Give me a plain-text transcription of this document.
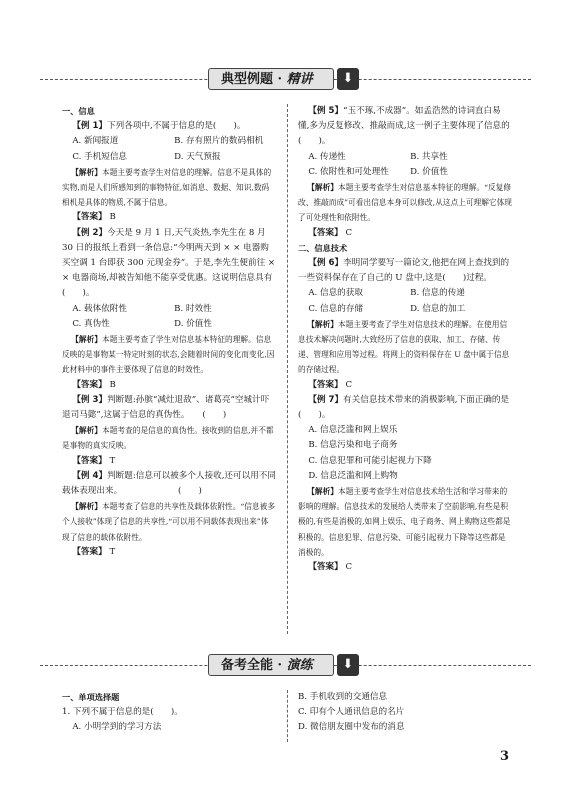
典型例题 · 精讲	⬇

一、信息

【例 1】下列各项中,不属于信息的是(　　)。

A. 新闻报道	B. 存有照片的数码相机
C. 手机短信息	D. 天气预报

【解析】本题主要考查学生对信息的理解。信息不是具体的实物,而是人们所感知到的事物特征,如消息、数据、知识,数码相机是具体的物质,不属于信息。

【答案】 B

【例 2】今天是 9 月 1 日,天气炎热,李先生在 8 月 30 日的报纸上看到一条信息:“今明两天到 × × 电器购买空调 1 台即获 300 元现金券”。于是,李先生便前往 × × 电器商场,却被告知他不能享受优惠。这说明信息具有(　　)。

A. 载体依附性	B. 时效性
C. 真伪性	D. 价值性

【解析】本题主要考查了学生对信息基本特征的理解。信息反映的是事物某一特定时刻的状态,会随着时间的变化而变化,因此材料中的事件主要体现了信息的时效性。

【答案】 B

【例 3】判断题:孙膑“减灶退敌”、诸葛亮“空城计吓退司马懿”,这属于信息的真伪性。　　(　　)

【解析】本题考查的是信息的真伪性。接收到的信息,并不都是事物的真实反映。

【答案】 T

【例 4】判断题:信息可以被多个人接收,还可以用不同载体表现出来。　　　　　　　(　　)

【解析】本题考查了信息的共享性及载体依附性。“信息被多个人接收”体现了信息的共享性,“可以用不同载体表现出来”体现了信息的载体依附性。

【答案】 T

【例 5】“玉不琢,不成器”。如孟浩然的诗词直白易懂,多为反复修改、推敲而成,这一例子主要体现了信息的(　　)。

A. 传递性	B. 共享性
C. 依附性和可处理性	D. 价值性

【解析】本题主要考查学生对信息基本特征的理解。“反复修改、推敲而成”可看出信息本身可以修改,从这点上可理解它体现了可处理性和依附性。

【答案】 C

二、信息技术

【例 6】李明同学要写一篇论文,他把在网上查找到的一些资料保存在了自己的 U 盘中,这是(　　)过程。

A. 信息的获取	B. 信息的传递
C. 信息的存储	D. 信息的加工

【解析】本题主要考查了学生对信息技术的理解。在使用信息技术解决问题时,大致经历了信息的获取、加工、存储、传递、管理和应用等过程。将网上的资料保存在 U 盘中属于信息的存储过程。

【答案】 C

【例 7】有关信息技术带来的消极影响,下面正确的是(　　)。

A. 信息泛滥和网上娱乐

B. 信息污染和电子商务

C. 信息犯罪和可能引起视力下降

D. 信息泛滥和网上购物

【解析】本题主要考查学生对信息技术给生活和学习带来的影响的理解。信息技术的发展给人类带来了空前影响,有些是积极的,有些是消极的,如网上娱乐、电子商务、网上购物这些都是积极的。信息犯罪、信息污染、可能引起视力下降等这些都是消极的。

【答案】 C

备考全能 · 演练	⬇

一、单项选择题

1. 下列不属于信息的是(　　)。

A. 小明学到的学习方法

B. 手机收到的交通信息

C. 印有个人通讯信息的名片

D. 微信朋友圈中发布的消息

3
